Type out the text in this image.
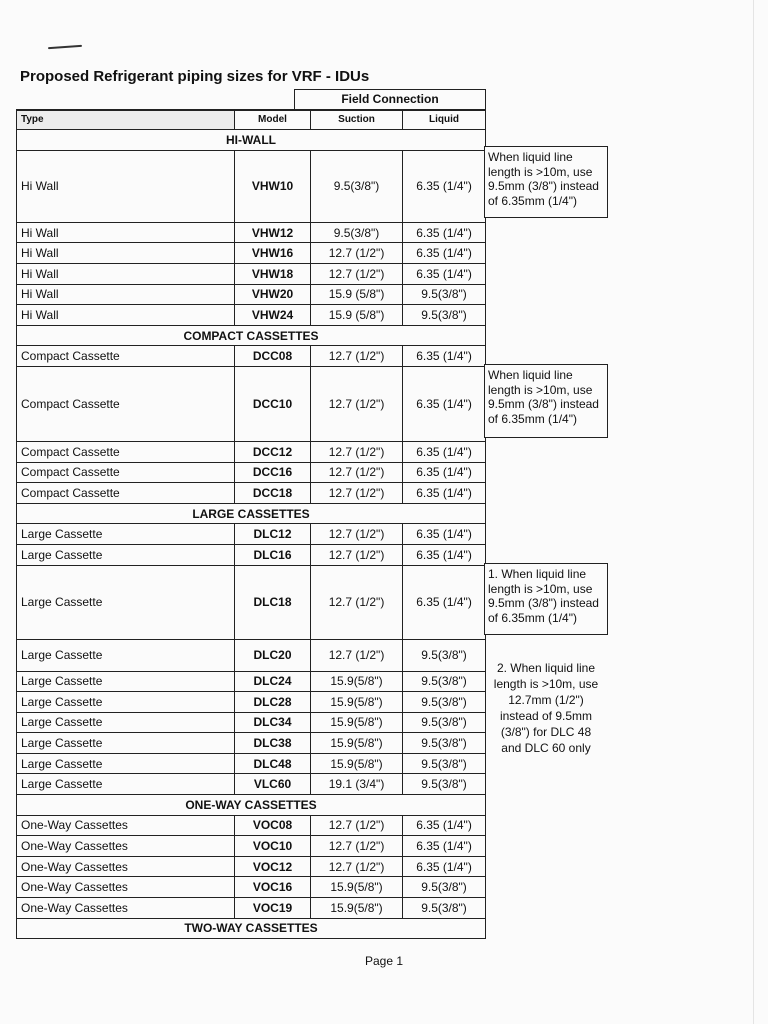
Proposed Refrigerant piping sizes for VRF - IDUs
Field Connection
Type	Model	Suction	Liquid
HI-WALL
Hi Wall	VHW10	9.5(3/8")	6.35 (1/4")
Hi Wall	VHW12	9.5(3/8")	6.35 (1/4")
Hi Wall	VHW16	12.7 (1/2")	6.35 (1/4")
Hi Wall	VHW18	12.7 (1/2")	6.35 (1/4")
Hi Wall	VHW20	15.9 (5/8")	9.5(3/8")
Hi Wall	VHW24	15.9 (5/8")	9.5(3/8")
COMPACT CASSETTES
Compact Cassette	DCC08	12.7 (1/2")	6.35 (1/4")
Compact Cassette	DCC10	12.7 (1/2")	6.35 (1/4")
Compact Cassette	DCC12	12.7 (1/2")	6.35 (1/4")
Compact Cassette	DCC16	12.7 (1/2")	6.35 (1/4")
Compact Cassette	DCC18	12.7 (1/2")	6.35 (1/4")
LARGE CASSETTES
Large Cassette	DLC12	12.7 (1/2")	6.35 (1/4")
Large Cassette	DLC16	12.7 (1/2")	6.35 (1/4")
Large Cassette	DLC18	12.7 (1/2")	6.35 (1/4")
Large Cassette	DLC20	12.7 (1/2")	9.5(3/8")
Large Cassette	DLC24	15.9(5/8")	9.5(3/8")
Large Cassette	DLC28	15.9(5/8")	9.5(3/8")
Large Cassette	DLC34	15.9(5/8")	9.5(3/8")
Large Cassette	DLC38	15.9(5/8")	9.5(3/8")
Large Cassette	DLC48	15.9(5/8")	9.5(3/8")
Large Cassette	VLC60	19.1 (3/4")	9.5(3/8")
ONE-WAY CASSETTES
One-Way Cassettes	VOC08	12.7 (1/2")	6.35 (1/4")
One-Way Cassettes	VOC10	12.7 (1/2")	6.35 (1/4")
One-Way Cassettes	VOC12	12.7 (1/2")	6.35 (1/4")
One-Way Cassettes	VOC16	15.9(5/8")	9.5(3/8")
One-Way Cassettes	VOC19	15.9(5/8")	9.5(3/8")
TWO-WAY CASSETTES
When liquid line
length is >10m, use
9.5mm (3/8") instead
of 6.35mm (1/4")
When liquid line
length is >10m, use
9.5mm (3/8") instead
of 6.35mm (1/4")
1. When liquid line
length is >10m, use
9.5mm (3/8") instead
of 6.35mm (1/4")
2. When liquid line
length is >10m, use
12.7mm (1/2")
instead of 9.5mm
(3/8") for DLC 48
and DLC 60 only
Page 1
